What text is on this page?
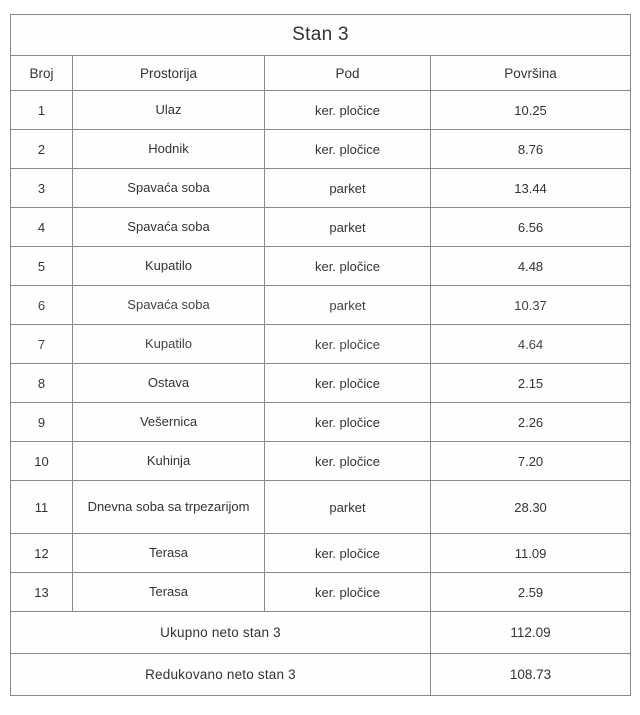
Stan 3			
Broj	Prostorija	Pod	Površina
1	Ulaz	ker. pločice	10.25
2	Hodnik	ker. pločice	8.76
3	Spavaća soba	parket	13.44
4	Spavaća soba	parket	6.56
5	Kupatilo	ker. pločice	4.48
6	Spavaća soba	parket	10.37
7	Kupatilo	ker. pločice	4.64
8	Ostava	ker. pločice	2.15
9	Vešernica	ker. pločice	2.26
10	Kuhinja	ker. pločice	7.20
11	Dnevna soba sa trpezarijom	parket	28.30
12	Terasa	ker. pločice	11.09
13	Terasa	ker. pločice	2.59
Ukupno neto stan 3			112.09
Redukovano neto stan 3			108.73
